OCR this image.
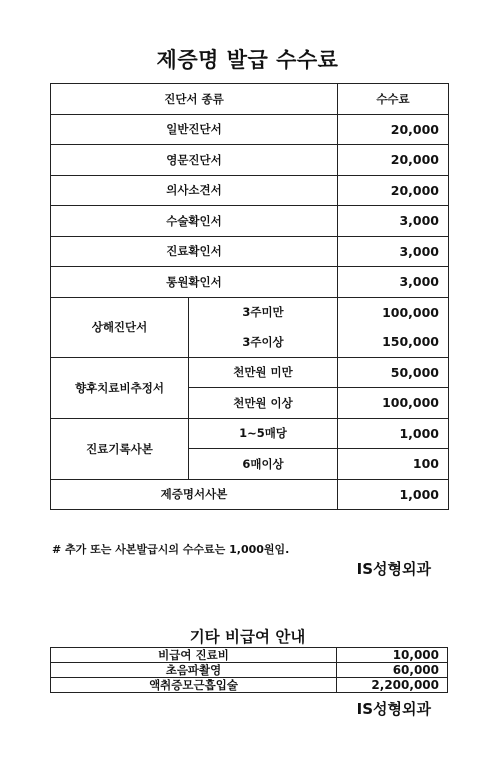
제증명 발급 수수료
진단서 종류		수수료
일반진단서		20,000
영문진단서		20,000
의사소견서		20,000
수술확인서		3,000
진료확인서		3,000
통원확인서		3,000
상해진단서	3주미만	100,000
	3주이상	150,000
향후치료비추정서	천만원 미만	50,000
	천만원 이상	100,000
진료기록사본	1~5매당	1,000
	6매이상	100
제증명서사본		1,000
# 추가 또는 사본발급시의 수수료는 1,000원임.
IS성형외과
기타 비급여 안내
비급여 진료비	10,000
초음파촬영	60,000
액취증모근흡입술	2,200,000
IS성형외과
